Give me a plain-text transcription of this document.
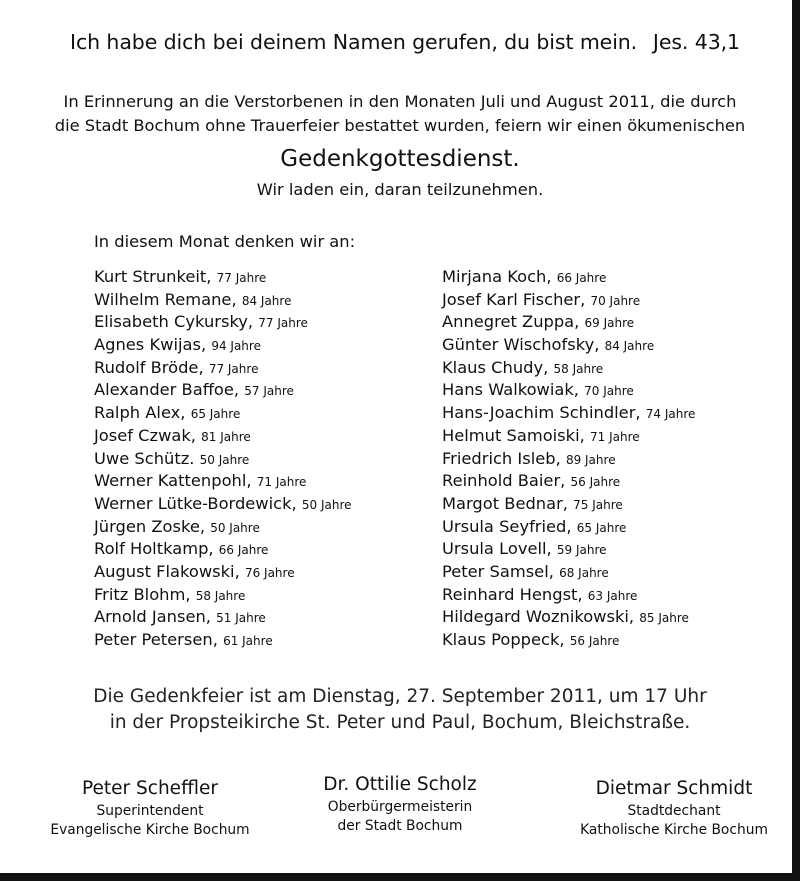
Ich habe dich bei deinem Namen gerufen, du bist mein. Jes. 43,1
In Erinnerung an die Verstorbenen in den Monaten Juli und August 2011, die durch
die Stadt Bochum ohne Trauerfeier bestattet wurden, feiern wir einen ökumenischen
Gedenkgottesdienst.
Wir laden ein, daran teilzunehmen.
In diesem Monat denken wir an:
Kurt Strunkeit, 77 Jahre
Wilhelm Remane, 84 Jahre
Elisabeth Cykursky, 77 Jahre
Agnes Kwijas, 94 Jahre
Rudolf Bröde, 77 Jahre
Alexander Baffoe, 57 Jahre
Ralph Alex, 65 Jahre
Josef Czwak, 81 Jahre
Uwe Schütz. 50 Jahre
Werner Kattenpohl, 71 Jahre
Werner Lütke-Bordewick, 50 Jahre
Jürgen Zoske, 50 Jahre
Rolf Holtkamp, 66 Jahre
August Flakowski, 76 Jahre
Fritz Blohm, 58 Jahre
Arnold Jansen, 51 Jahre
Peter Petersen, 61 Jahre
Mirjana Koch, 66 Jahre
Josef Karl Fischer, 70 Jahre
Annegret Zuppa, 69 Jahre
Günter Wischofsky, 84 Jahre
Klaus Chudy, 58 Jahre
Hans Walkowiak, 70 Jahre
Hans-Joachim Schindler, 74 Jahre
Helmut Samoiski, 71 Jahre
Friedrich Isleb, 89 Jahre
Reinhold Baier, 56 Jahre
Margot Bednar, 75 Jahre
Ursula Seyfried, 65 Jahre
Ursula Lovell, 59 Jahre
Peter Samsel, 68 Jahre
Reinhard Hengst, 63 Jahre
Hildegard Woznikowski, 85 Jahre
Klaus Poppeck, 56 Jahre
Die Gedenkfeier ist am Dienstag, 27. September 2011, um 17 Uhr
in der Propsteikirche St. Peter und Paul, Bochum, Bleichstraße.
Peter Scheffler
Superintendent
Evangelische Kirche Bochum
Dr. Ottilie Scholz
Oberbürgermeisterin
der Stadt Bochum
Dietmar Schmidt
Stadtdechant
Katholische Kirche Bochum
